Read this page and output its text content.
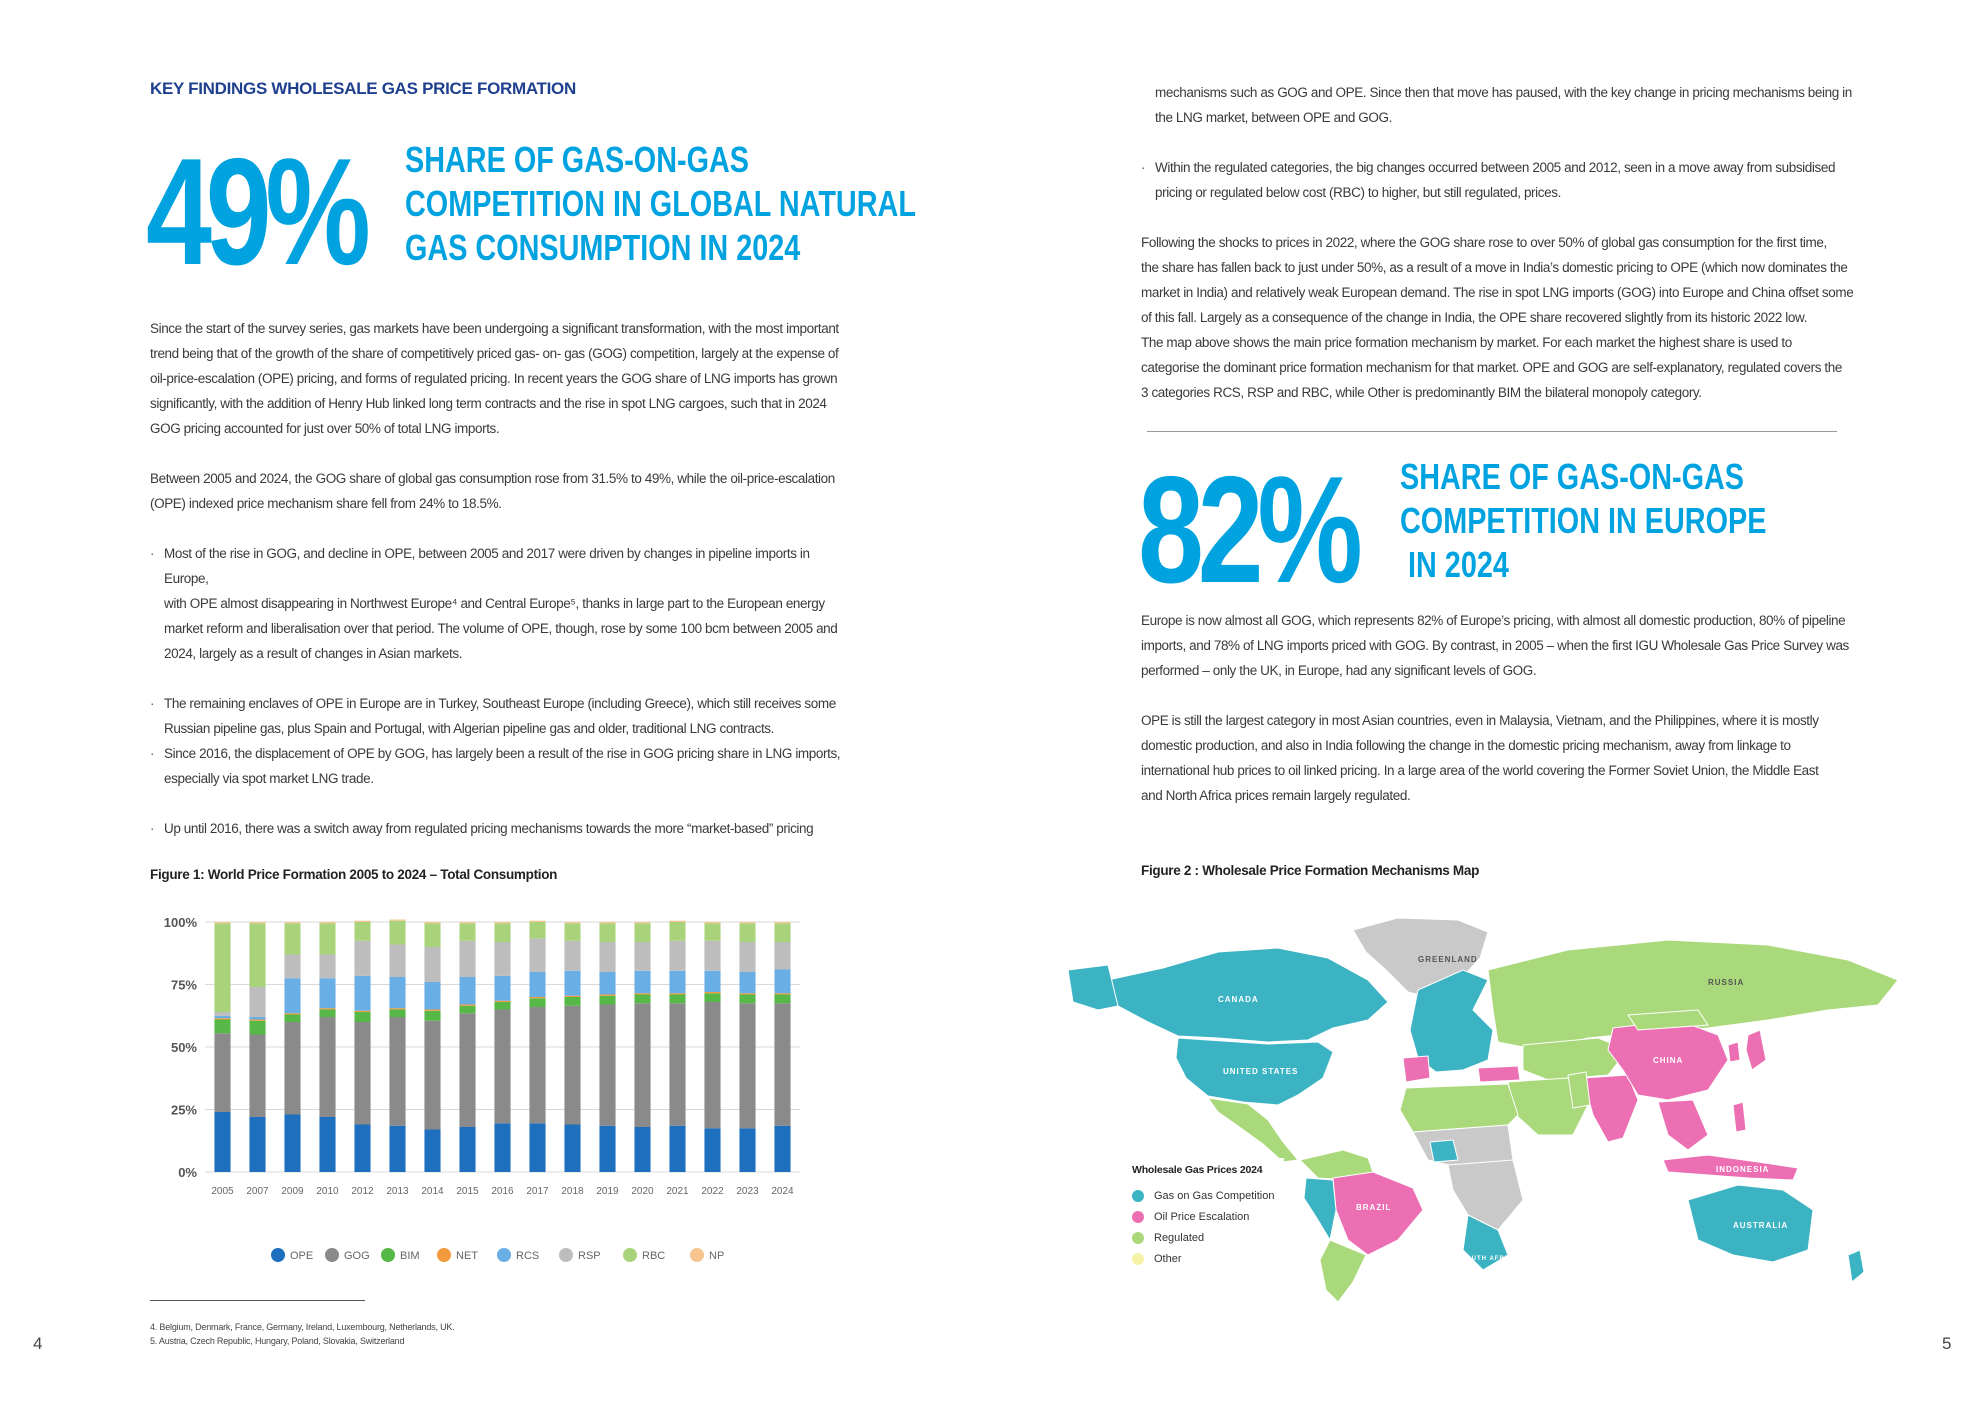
KEY FINDINGS WHOLESALE GAS PRICE FORMATION
49% SHARE OF GAS-ON-GAS
COMPETITION IN GLOBAL NATURAL
GAS CONSUMPTION IN 2024
Since the start of the survey series, gas markets have been undergoing a significant transformation, with the most important
trend being that of the growth of the share of competitively priced gas- on- gas (GOG) competition, largely at the expense of
oil-price-escalation (OPE) pricing, and forms of regulated pricing. In recent years the GOG share of LNG imports has grown
significantly, with the addition of Henry Hub linked long term contracts and the rise in spot LNG cargoes, such that in 2024
GOG pricing accounted for just over 50% of total LNG imports.
Between 2005 and 2024, the GOG share of global gas consumption rose from 31.5% to 49%, while the oil-price-escalation
(OPE) indexed price mechanism share fell from 24% to 18.5%.
· Most of the rise in GOG, and decline in OPE, between 2005 and 2017 were driven by changes in pipeline imports in Europe,
with OPE almost disappearing in Northwest Europe⁴ and Central Europe⁵, thanks in large part to the European energy
market reform and liberalisation over that period. The volume of OPE, though, rose by some 100 bcm between 2005 and
2024, largely as a result of changes in Asian markets.
· The remaining enclaves of OPE in Europe are in Turkey, Southeast Europe (including Greece), which still receives some
Russian pipeline gas, plus Spain and Portugal, with Algerian pipeline gas and older, traditional LNG contracts.
· Since 2016, the displacement of OPE by GOG, has largely been a result of the rise in GOG pricing share in LNG imports,
especially via spot market LNG trade.
· Up until 2016, there was a switch away from regulated pricing mechanisms towards the more “market-based” pricing
Figure 1: World Price Formation 2005 to 2024 – Total Consumption
0%
25%
50%
75%
100%
2005 2007 2009 2010 2012 2013 2014 2015 2016 2017 2018 2019 2020 2021 2022 2023 2024
OPE	GOG	BIM	NET	RCS	RSP	RBC	NP
4. Belgium, Denmark, France, Germany, Ireland, Luxembourg, Netherlands, UK.
5. Austria, Czech Republic, Hungary, Poland, Slovakia, Switzerland
4
mechanisms such as GOG and OPE. Since then that move has paused, with the key change in pricing mechanisms being in
the LNG market, between OPE and GOG.
· Within the regulated categories, the big changes occurred between 2005 and 2012, seen in a move away from subsidised
pricing or regulated below cost (RBC) to higher, but still regulated, prices.
Following the shocks to prices in 2022, where the GOG share rose to over 50% of global gas consumption for the first time,
the share has fallen back to just under 50%, as a result of a move in India’s domestic pricing to OPE (which now dominates the
market in India) and relatively weak European demand. The rise in spot LNG imports (GOG) into Europe and China offset some
of this fall. Largely as a consequence of the change in India, the OPE share recovered slightly from its historic 2022 low.
The map above shows the main price formation mechanism by market. For each market the highest share is used to
categorise the dominant price formation mechanism for that market. OPE and GOG are self-explanatory, regulated covers the
3 categories RCS, RSP and RBC, while Other is predominantly BIM the bilateral monopoly category.
82% SHARE OF GAS-ON-GAS
COMPETITION IN EUROPE
IN 2024
Europe is now almost all GOG, which represents 82% of Europe’s pricing, with almost all domestic production, 80% of pipeline
imports, and 78% of LNG imports priced with GOG. By contrast, in 2005 – when the first IGU Wholesale Gas Price Survey was
performed – only the UK, in Europe, had any significant levels of GOG.
OPE is still the largest category in most Asian countries, even in Malaysia, Vietnam, and the Philippines, where it is mostly
domestic production, and also in India following the change in the domestic pricing mechanism, away from linkage to
international hub prices to oil linked pricing. In a large area of the world covering the Former Soviet Union, the Middle East
and North Africa prices remain largely regulated.
Figure 2 : Wholesale Price Formation Mechanisms Map
GREENLAND
CANADA
UNITED STATES
RUSSIA
CHINA
BRAZIL
AUSTRALIA
INDONESIA
SOUTH AFRICA
Wholesale Gas Prices 2024
Gas on Gas Competition
Oil Price Escalation
Regulated
Other
5
